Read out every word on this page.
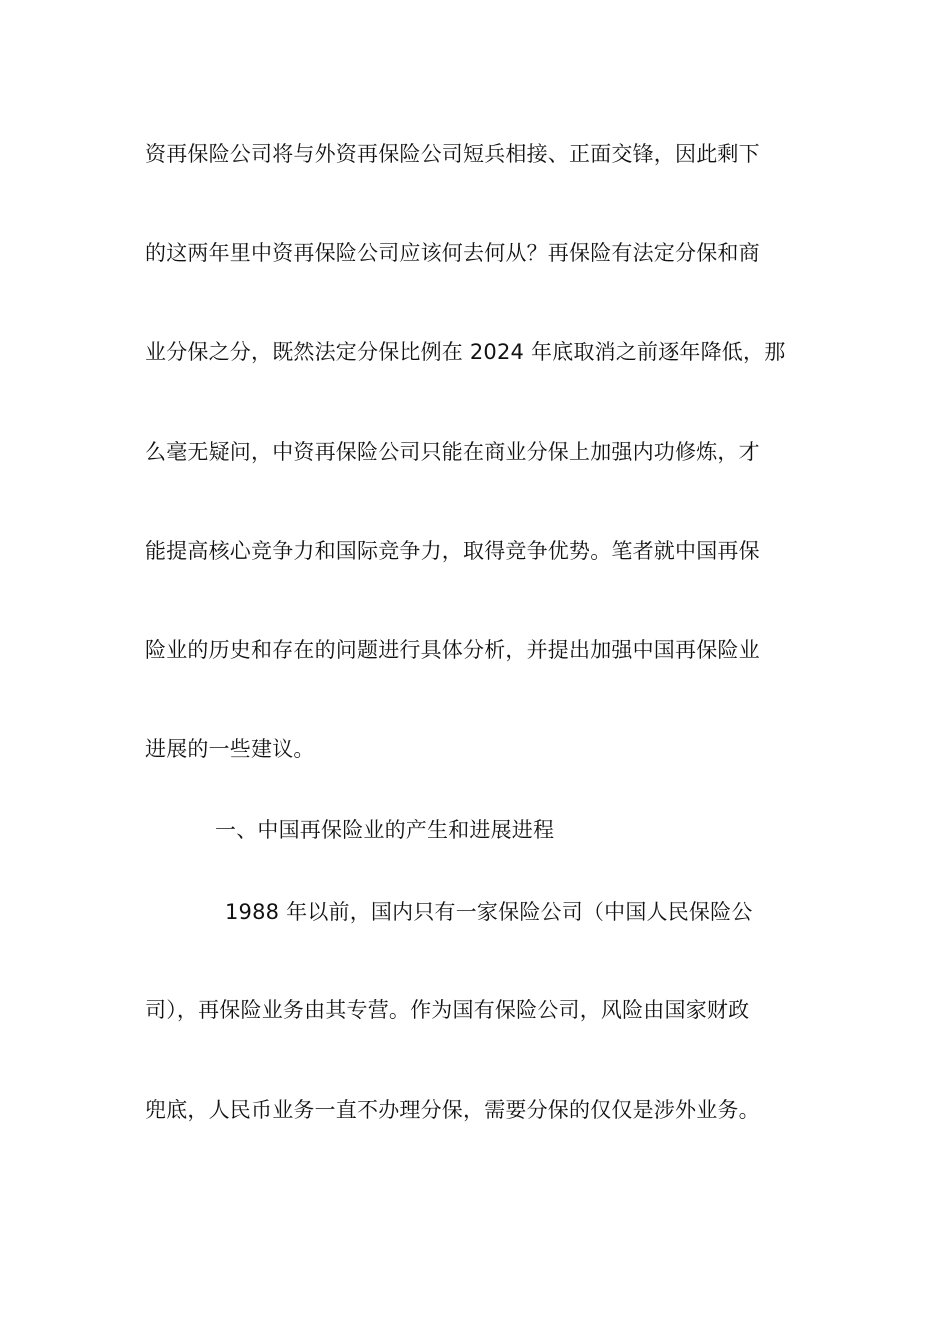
资再保险公司将与外资再保险公司短兵相接、正面交锋，因此剩下
的这两年里中资再保险公司应该何去何从？再保险有法定分保和商
业分保之分，既然法定分保比例在 2024 年底取消之前逐年降低，那
么毫无疑问，中资再保险公司只能在商业分保上加强内功修炼，才
能提高核心竞争力和国际竞争力，取得竞争优势。笔者就中国再保
险业的历史和存在的问题进行具体分析，并提出加强中国再保险业
进展的一些建议。
一、中国再保险业的产生和进展进程
1988 年以前，国内只有一家保险公司（中国人民保险公
司），再保险业务由其专营。作为国有保险公司，风险由国家财政
兜底，人民币业务一直不办理分保，需要分保的仅仅是涉外业务。
